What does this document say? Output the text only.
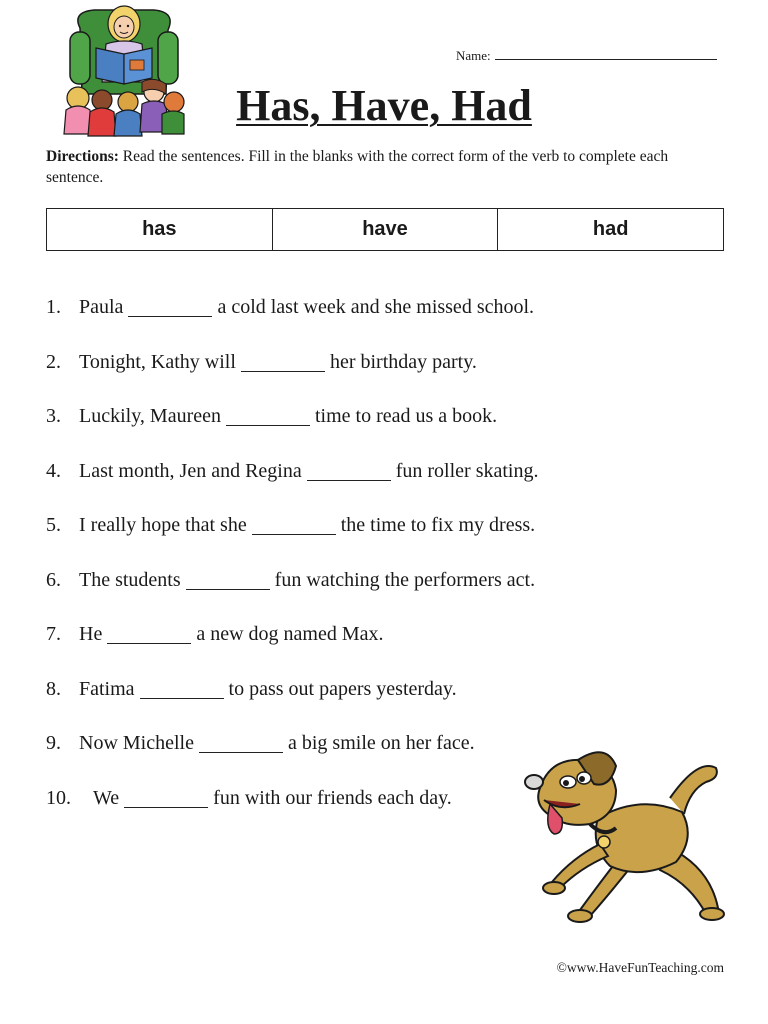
Name:
Has, Have, Had
Directions: Read the sentences. Fill in the blanks with the correct form of the verb to complete each sentence.
has	have	had
1. Paula	a cold last week and she missed school.
2. Tonight, Kathy will	her birthday party.
3. Luckily, Maureen	time to read us a book.
4. Last month, Jen and Regina	fun roller skating.
5. I really hope that she	the time to fix my dress.
6. The students	fun watching the performers act.
7. He	a new dog named Max.
8. Fatima	to pass out papers yesterday.
9. Now Michelle	a big smile on her face.
10.	We	fun with our friends each day.
©www.HaveFunTeaching.com
